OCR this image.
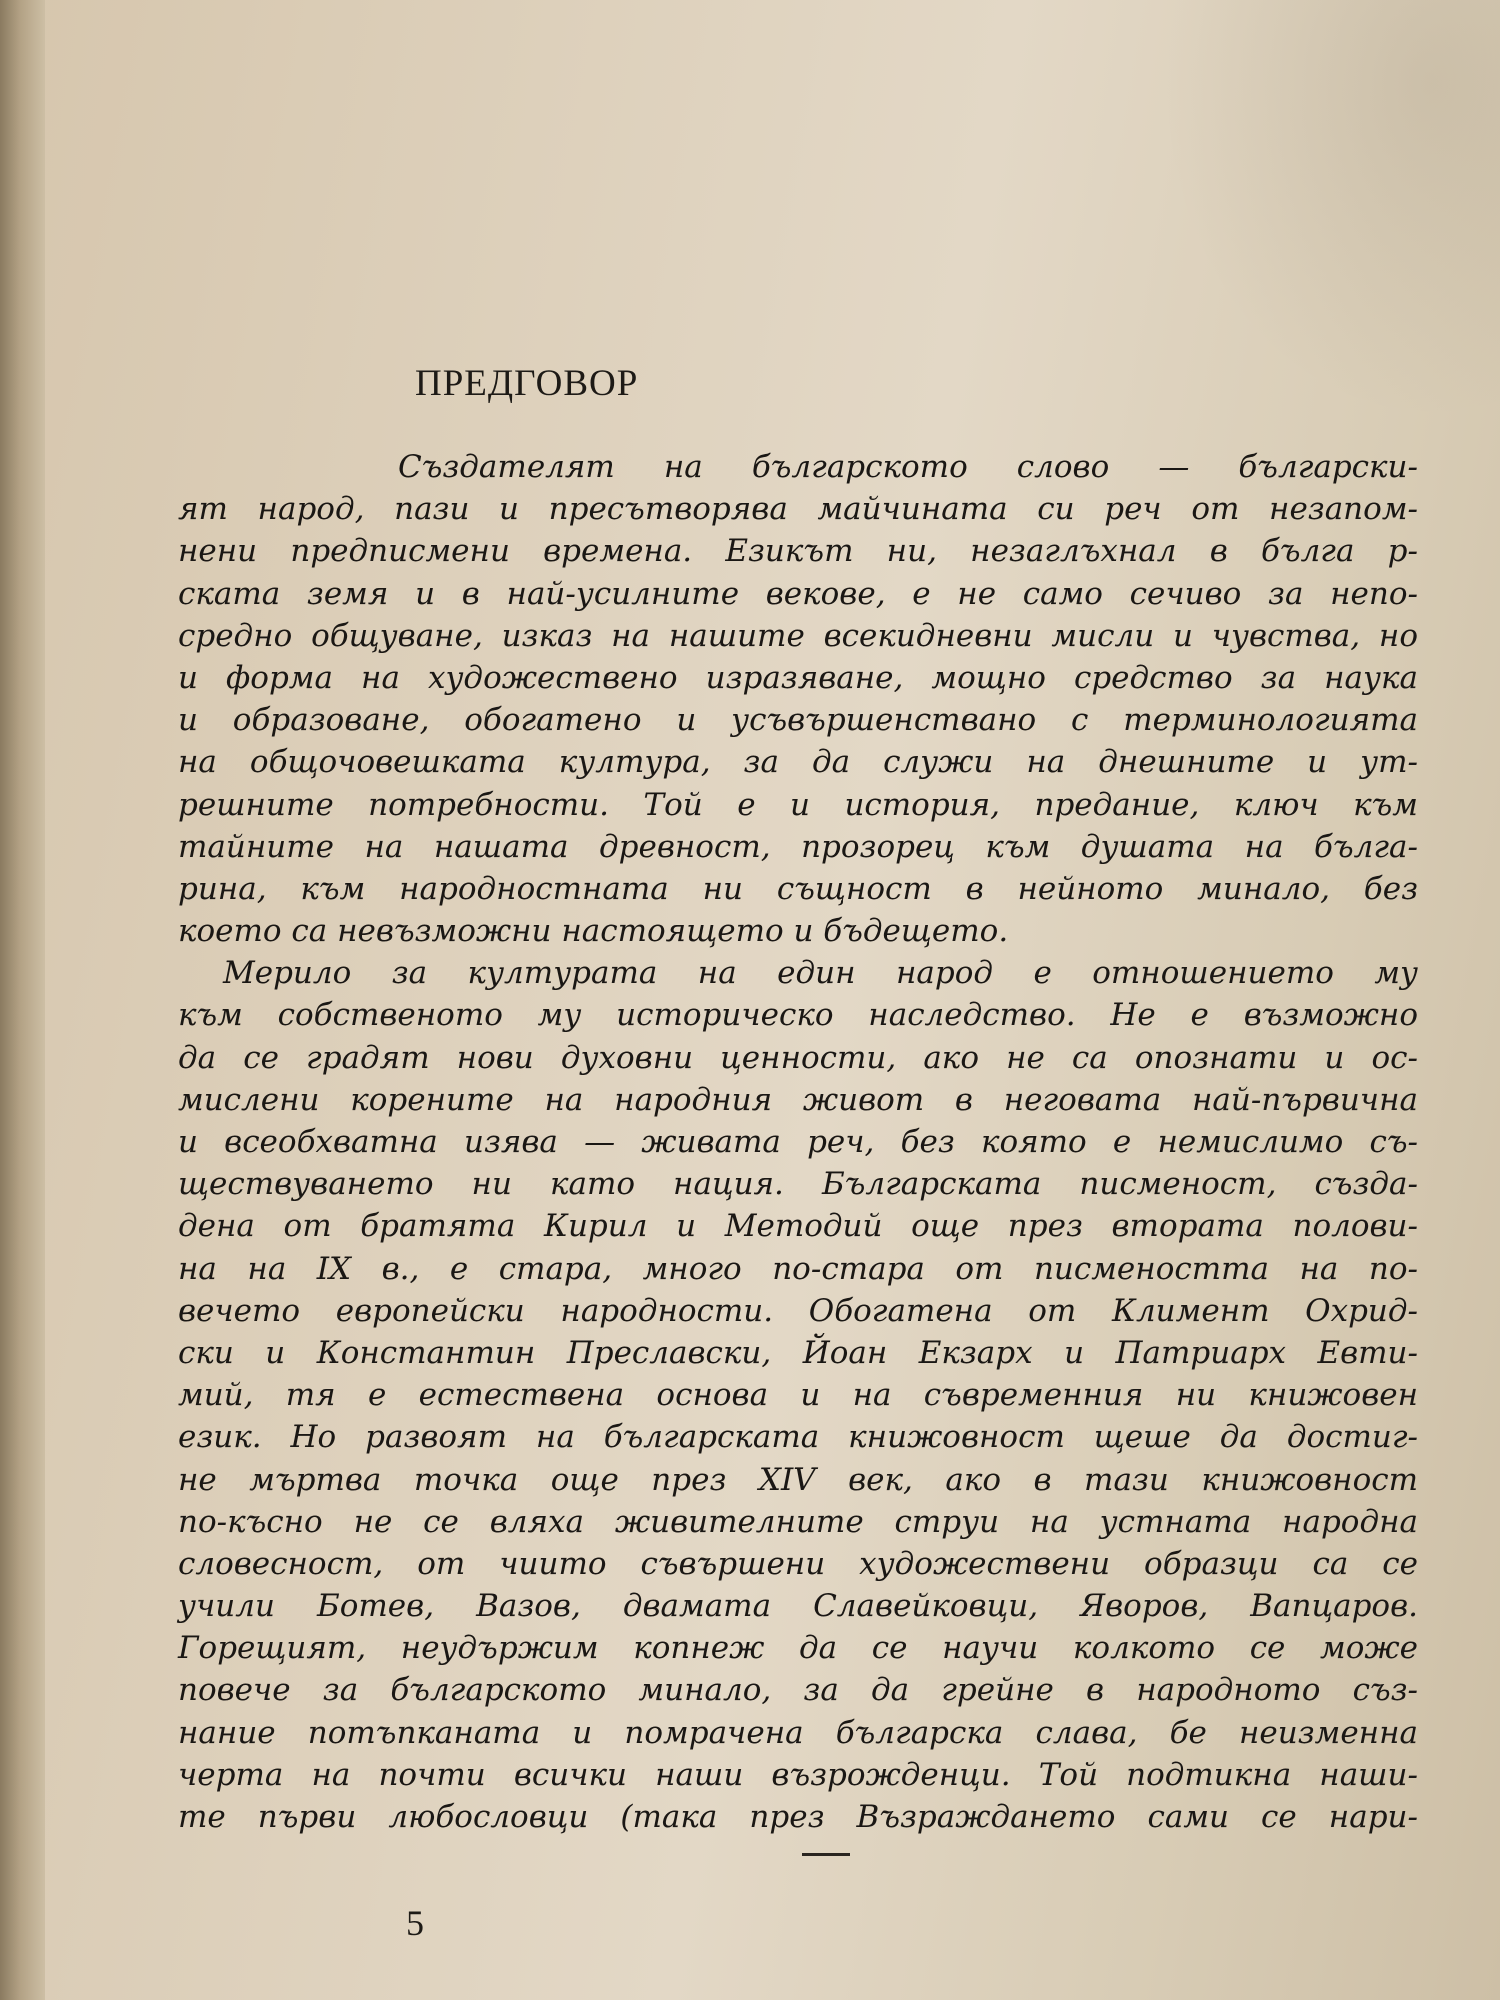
ПРЕДГОВОР
Създателят на българското слово — български-
ят народ, пази и пресътворява майчината си реч от незапом-
нени предписмени времена. Езикът ни, незаглъхнал в бълга р-
ската земя и в най-усилните векове, е не само сечиво за непо-
средно общуване, изказ на нашите всекидневни мисли и чувства, но
и форма на художествено изразяване, мощно средство за наука
и образоване, обогатено и усъвършенствано с терминологията
на общочовешката култура, за да служи на днешните и ут-
решните потребности. Той е и история, предание, ключ към
тайните на нашата древност, прозорец към душата на бълга-
рина, към народностната ни същност в нейното минало, без
което са невъзможни настоящето и бъдещето.
Мерило за културата на един народ е отношението му
към собственото му историческо наследство. Не е възможно
да се градят нови духовни ценности, ако не са опознати и ос-
мислени корените на народния живот в неговата най-първична
и всеобхватна изява — живата реч, без която е немислимо съ-
ществуването ни като нация. Българската писменост, създа-
дена от братята Кирил и Методий още през втората полови-
на на IX в., е стара, много по-стара от писмеността на по-
вечето европейски народности. Обогатена от Климент Охрид-
ски и Константин Преславски, Йоан Екзарх и Патриарх Евти-
мий, тя е естествена основа и на съвременния ни книжовен
език. Но развоят на българската книжовност щеше да достиг-
не мъртва точка още през XIV век, ако в тази книжовност
по-късно не се вляха живителните струи на устната народна
словесност, от чиито съвършени художествени образци са се
учили Ботев, Вазов, двамата Славейковци, Яворов, Вапцаров.
Горещият, неудържим копнеж да се научи колкото се може
повече за българското минало, за да грейне в народното съз-
нание потъпканата и помрачена българска слава, бе неизменна
черта на почти всички наши възрожденци. Той подтикна наши-
те първи любословци (така през Възраждането сами се нари-
5
